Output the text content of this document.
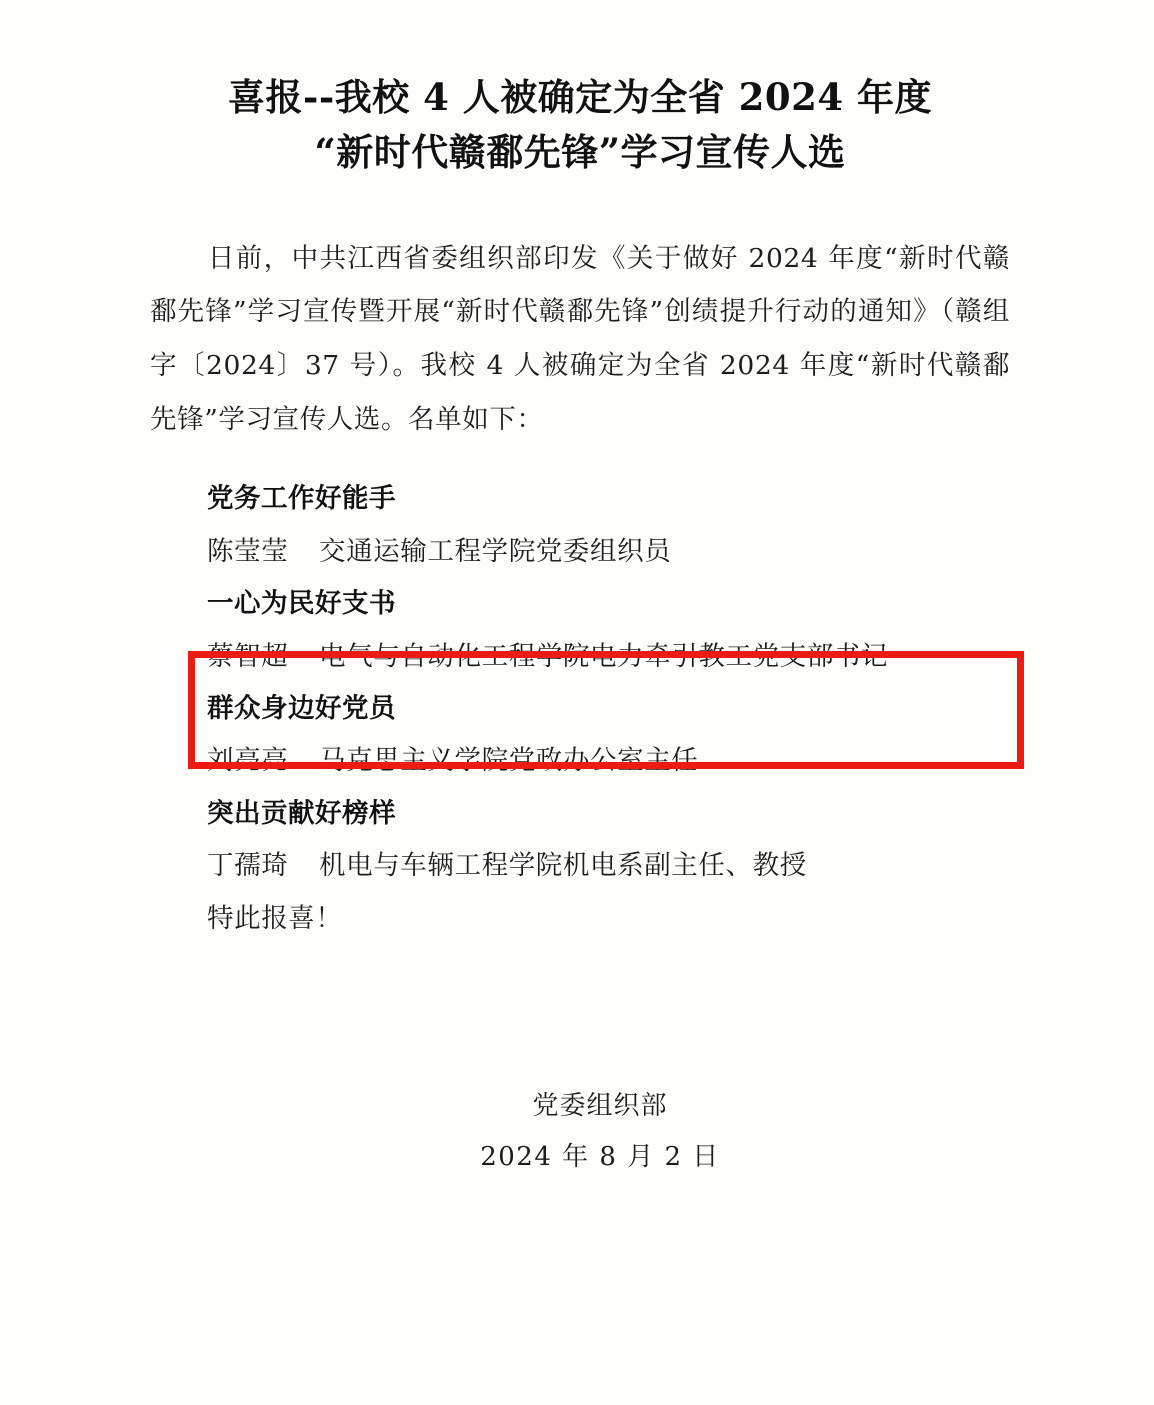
喜报--我校 4 人被确定为全省 2024 年度
“新时代赣鄱先锋”学习宣传人选

日前，中共江西省委组织部印发《关于做好 2024 年度“新时代赣鄱先锋”学习宣传暨开展“新时代赣鄱先锋”创绩提升行动的通知》（赣组字〔2024〕37 号）。我校 4 人被确定为全省 2024 年度“新时代赣鄱先锋”学习宣传人选。名单如下：

党务工作好能手
陈莹莹 交通运输工程学院党委组织员
一心为民好支书
蔡智超 电气与自动化工程学院电力牵引教工党支部书记
群众身边好党员
刘亮亮 马克思主义学院党政办公室主任
突出贡献好榜样
丁孺琦 机电与车辆工程学院机电系副主任、教授
特此报喜！
党委组织部
2024 年 8 月 2 日
